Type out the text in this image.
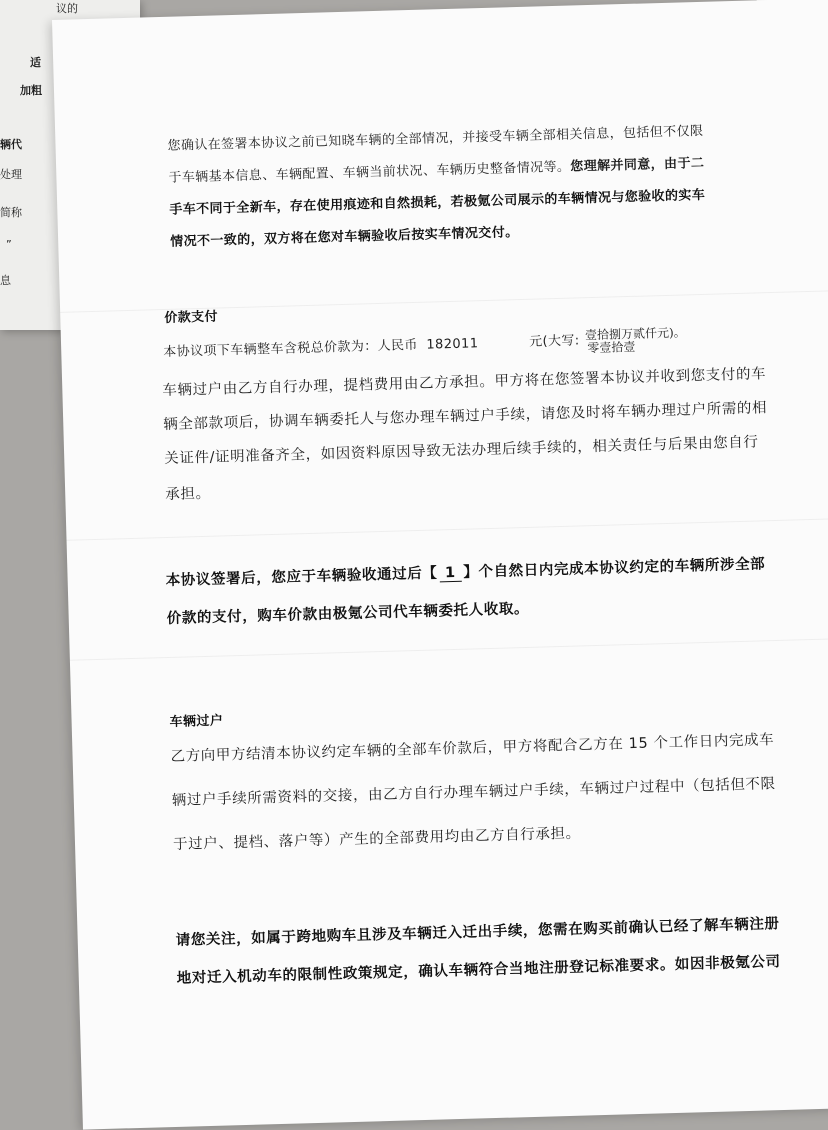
议的
适
加粗
辆代
处理
简称
”
息

您确认在签署本协议之前已知晓车辆的全部情况，并接受车辆全部相关信息，包括但不仅限

于车辆基本信息、车辆配置、车辆当前状况、车辆历史整备情况等。您理解并同意，由于二

手车不同于全新车，存在使用痕迹和自然损耗，若极氪公司展示的车辆情况与您验收的实车

情况不一致的，双方将在您对车辆验收后按实车情况交付。

价款支付

本协议项下车辆整车含税总价款为：人民币 182011	元(大写: 壹拾捌万贰仟元)。
零壹拾壹

车辆过户由乙方自行办理，提档费用由乙方承担。甲方将在您签署本协议并收到您支付的车

辆全部款项后，协调车辆委托人与您办理车辆过户手续，请您及时将车辆办理过户所需的相

关证件/证明准备齐全，如因资料原因导致无法办理后续手续的，相关责任与后果由您自行

承担。

本协议签署后，您应于车辆验收通过后【 1 】个自然日内完成本协议约定的车辆所涉全部

价款的支付，购车价款由极氪公司代车辆委托人收取。

车辆过户

乙方向甲方结清本协议约定车辆的全部车价款后，甲方将配合乙方在 15 个工作日内完成车

辆过户手续所需资料的交接，由乙方自行办理车辆过户手续，车辆过户过程中（包括但不限

于过户、提档、落户等）产生的全部费用均由乙方自行承担。

请您关注，如属于跨地购车且涉及车辆迁入迁出手续，您需在购买前确认已经了解车辆注册

地对迁入机动车的限制性政策规定，确认车辆符合当地注册登记标准要求。如因非极氪公司
